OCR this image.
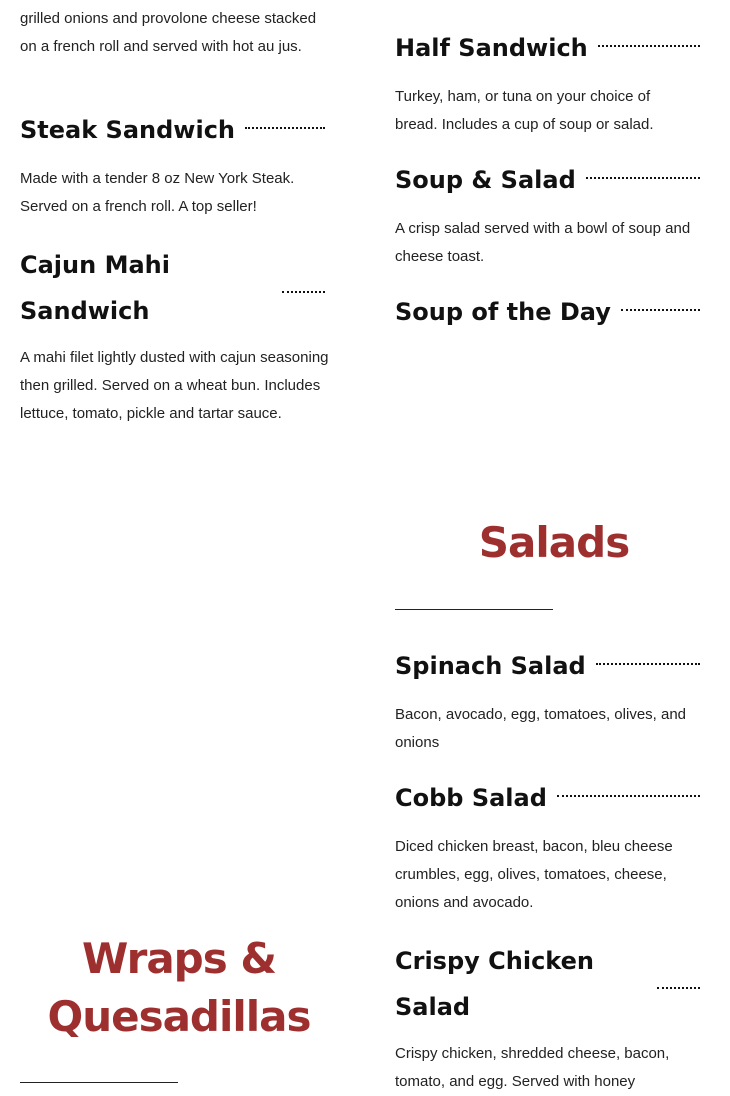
grilled onions and provolone cheese stacked on a french roll and served with hot au jus.

Steak Sandwich

Made with a tender 8 oz New York Steak. Served on a french roll. A top seller!

Cajun Mahi Sandwich

A mahi filet lightly dusted with cajun seasoning then grilled. Served on a wheat bun. Includes lettuce, tomato, pickle and tartar sauce.

Wraps &
Quesadillas
Half Sandwich

Turkey, ham, or tuna on your choice of bread. Includes a cup of soup or salad.

Soup & Salad

A crisp salad served with a bowl of soup and cheese toast.

Soup of the Day
Spinach Salad

Bacon, avocado, egg, tomatoes, olives, and onions

Cobb Salad

Diced chicken breast, bacon, bleu cheese crumbles, egg, olives, tomatoes, cheese, onions and avocado.

Crispy Chicken Salad

Crispy chicken, shredded cheese, bacon, tomato, and egg. Served with honey

Salads
